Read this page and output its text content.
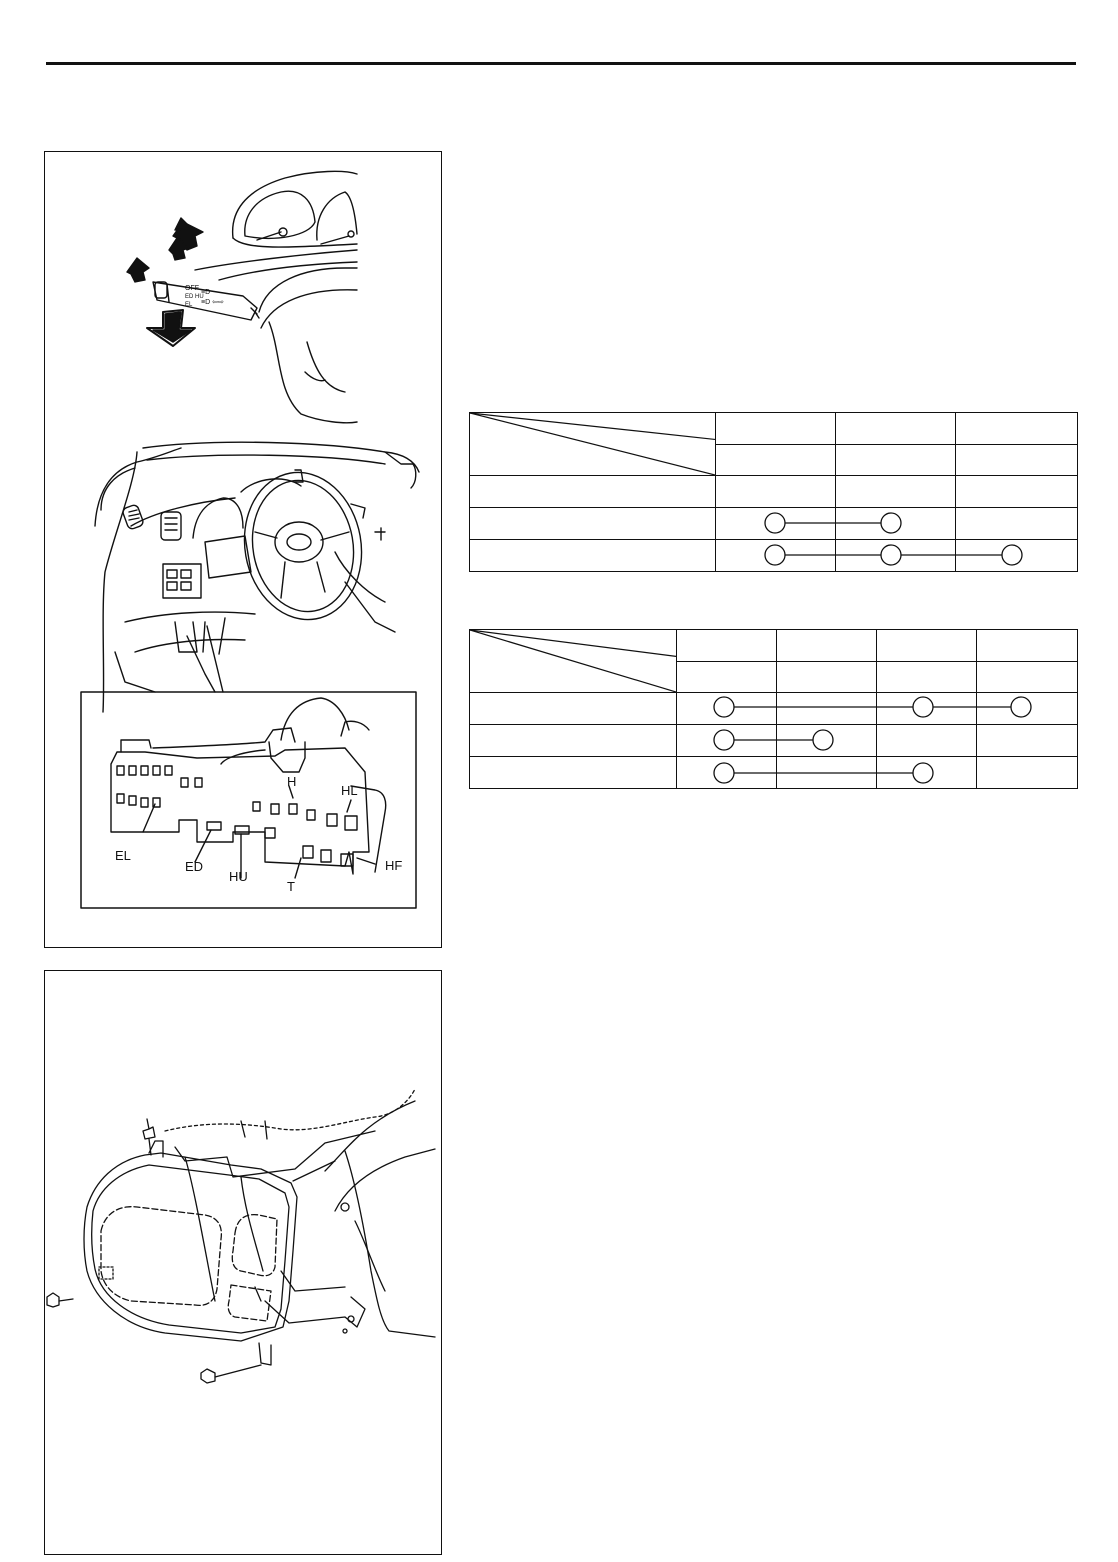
OFF
ED HU
EL
≡D
≡D ⇦⇨
EL
ED
HU
T
H
HL
HF
